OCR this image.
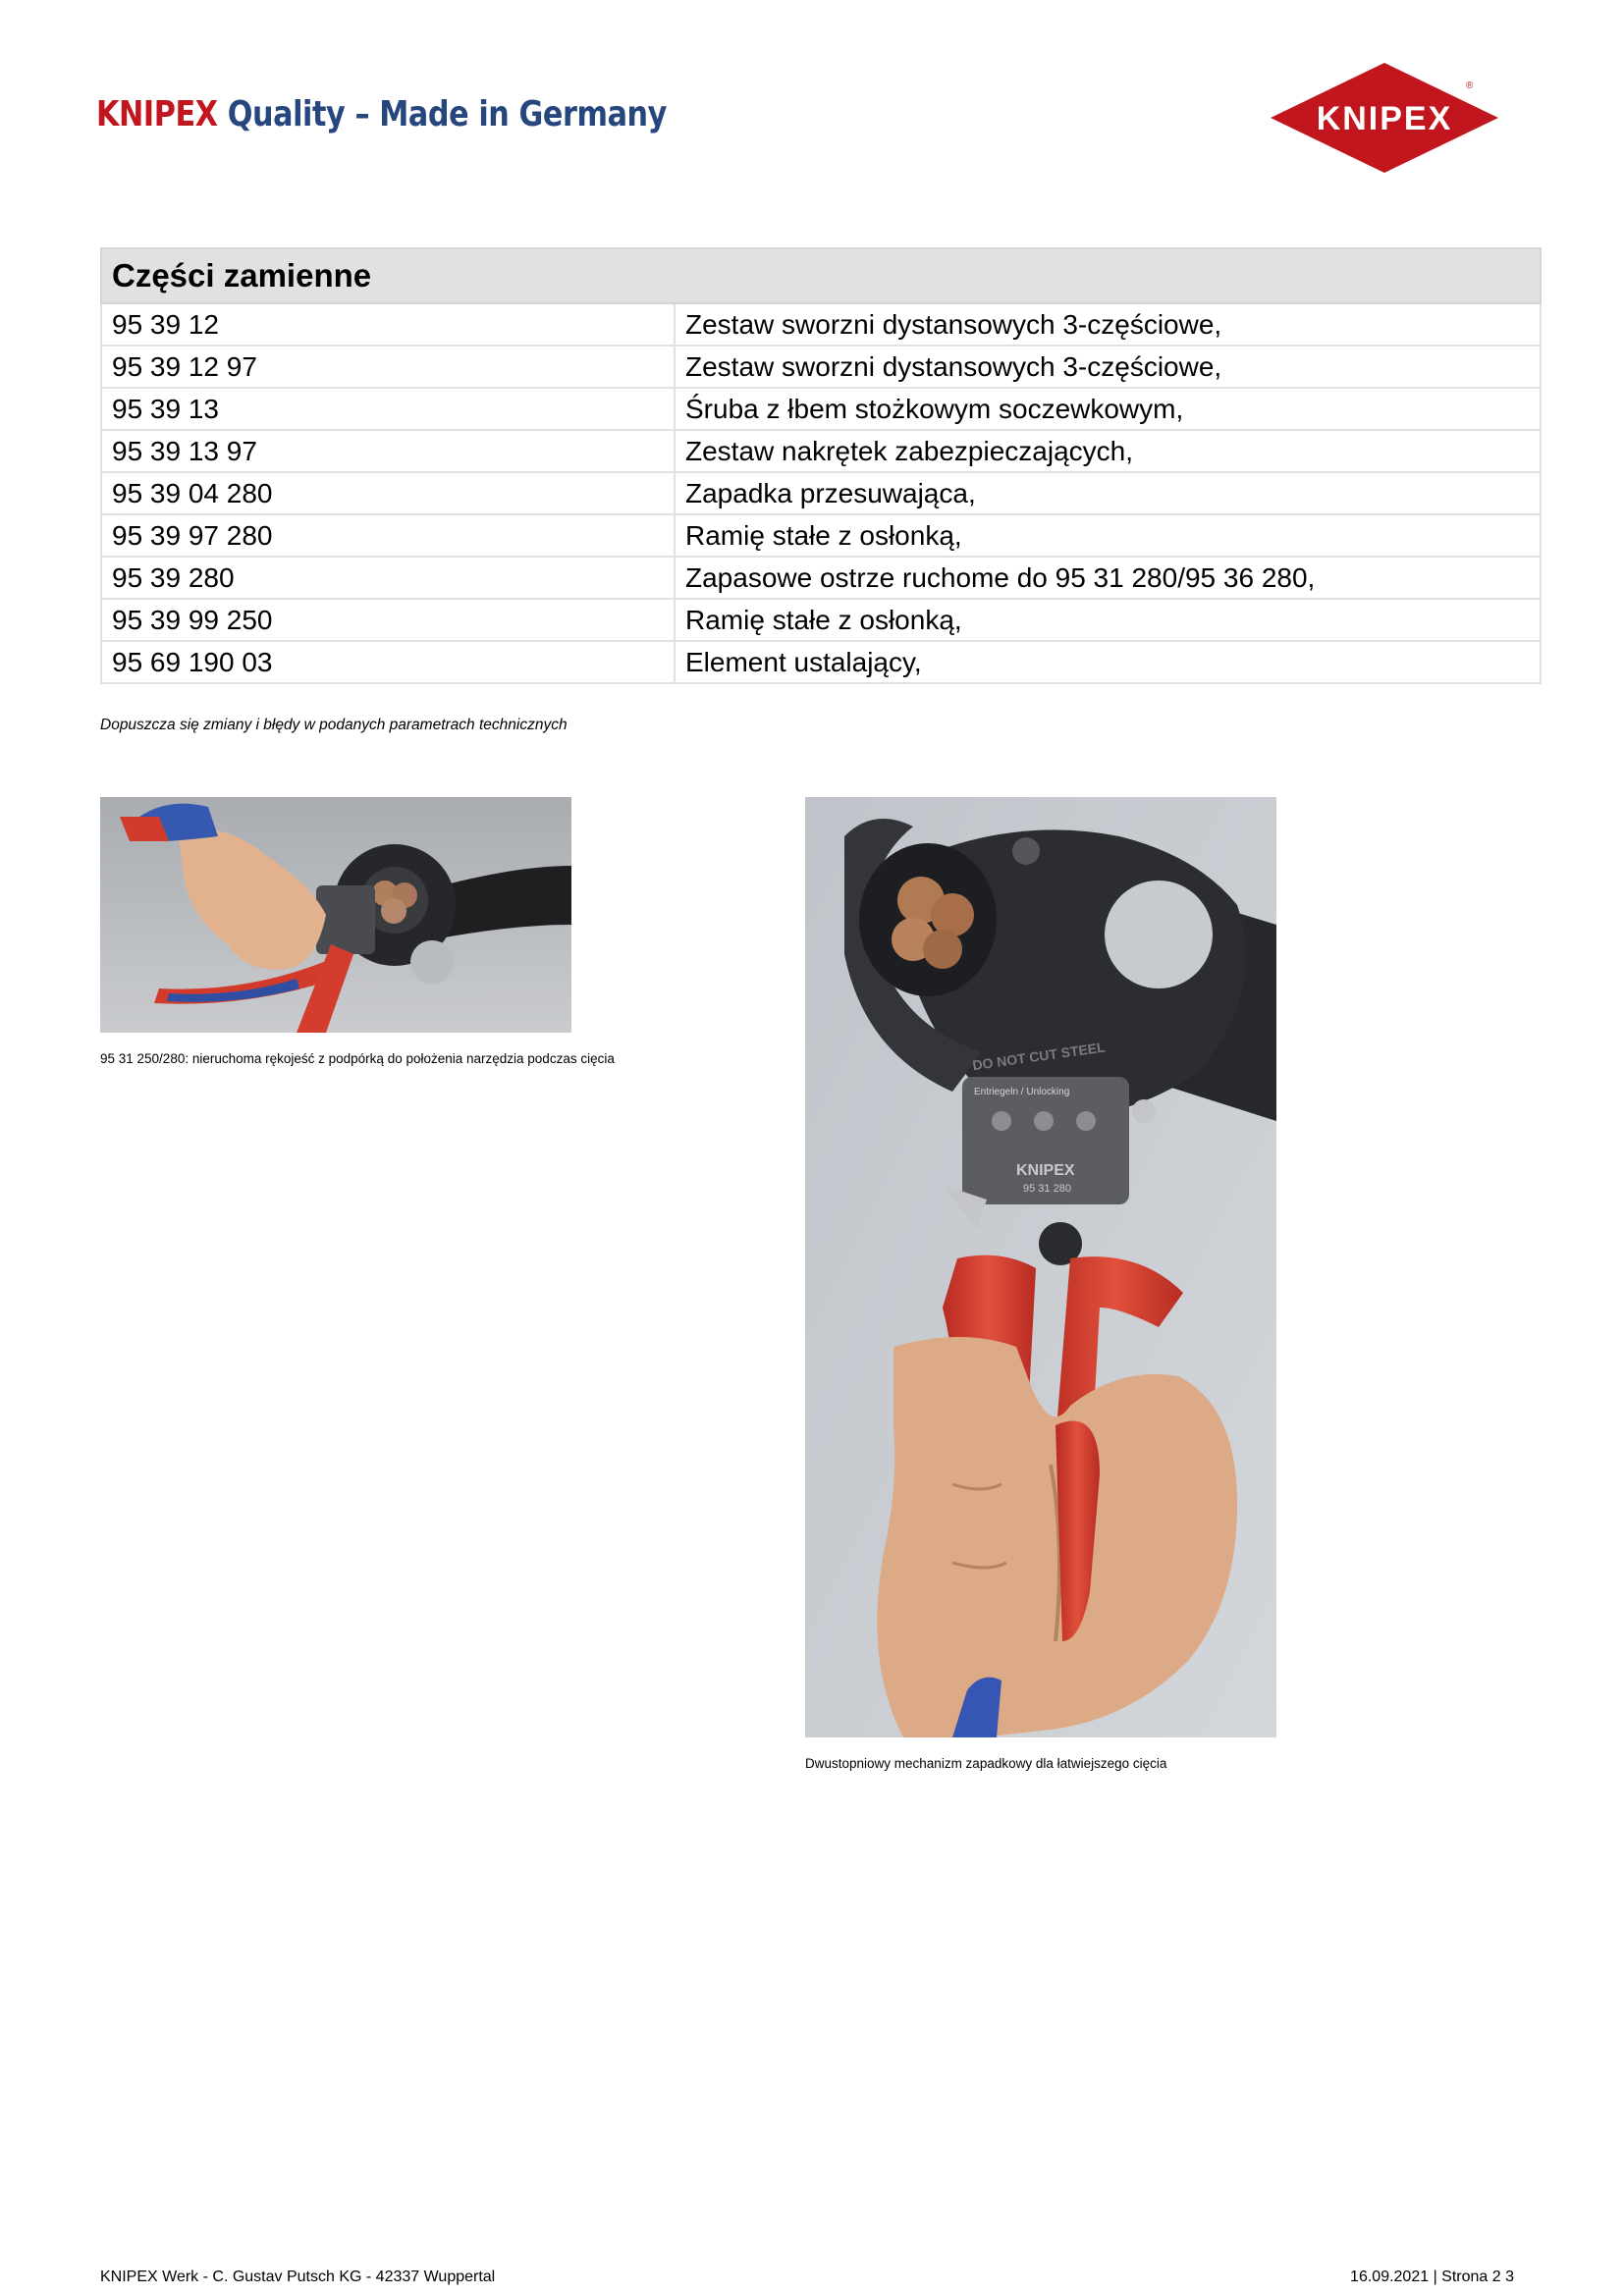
KNIPEX Quality – Made in Germany	KNIPEX
®
Części zamienne	
95 39 12	Zestaw sworzni dystansowych 3-częściowe,
95 39 12 97	Zestaw sworzni dystansowych 3-częściowe,
95 39 13	Śruba z łbem stożkowym soczewkowym,
95 39 13 97	Zestaw nakrętek zabezpieczających,
95 39 04 280	Zapadka przesuwająca,
95 39 97 280	Ramię stałe z osłonką,
95 39 280	Zapasowe ostrze ruchome do 95 31 280/95 36 280,
95 39 99 250	Ramię stałe z osłonką,
95 69 190 03	Element ustalający,
Dopuszcza się zmiany i błędy w podanych parametrach technicznych
95 31 250/280: nieruchoma rękojeść z podpórką do położenia narzędzia podczas cięcia	DO NOT CUT STEEL
Entriegeln / Unlocking
KNIPEX
95 31 280
Dwustopniowy mechanizm zapadkowy dla łatwiejszego cięcia
KNIPEX Werk - C. Gustav Putsch KG - 42337 Wuppertal	16.09.2021 | Strona 2 3
